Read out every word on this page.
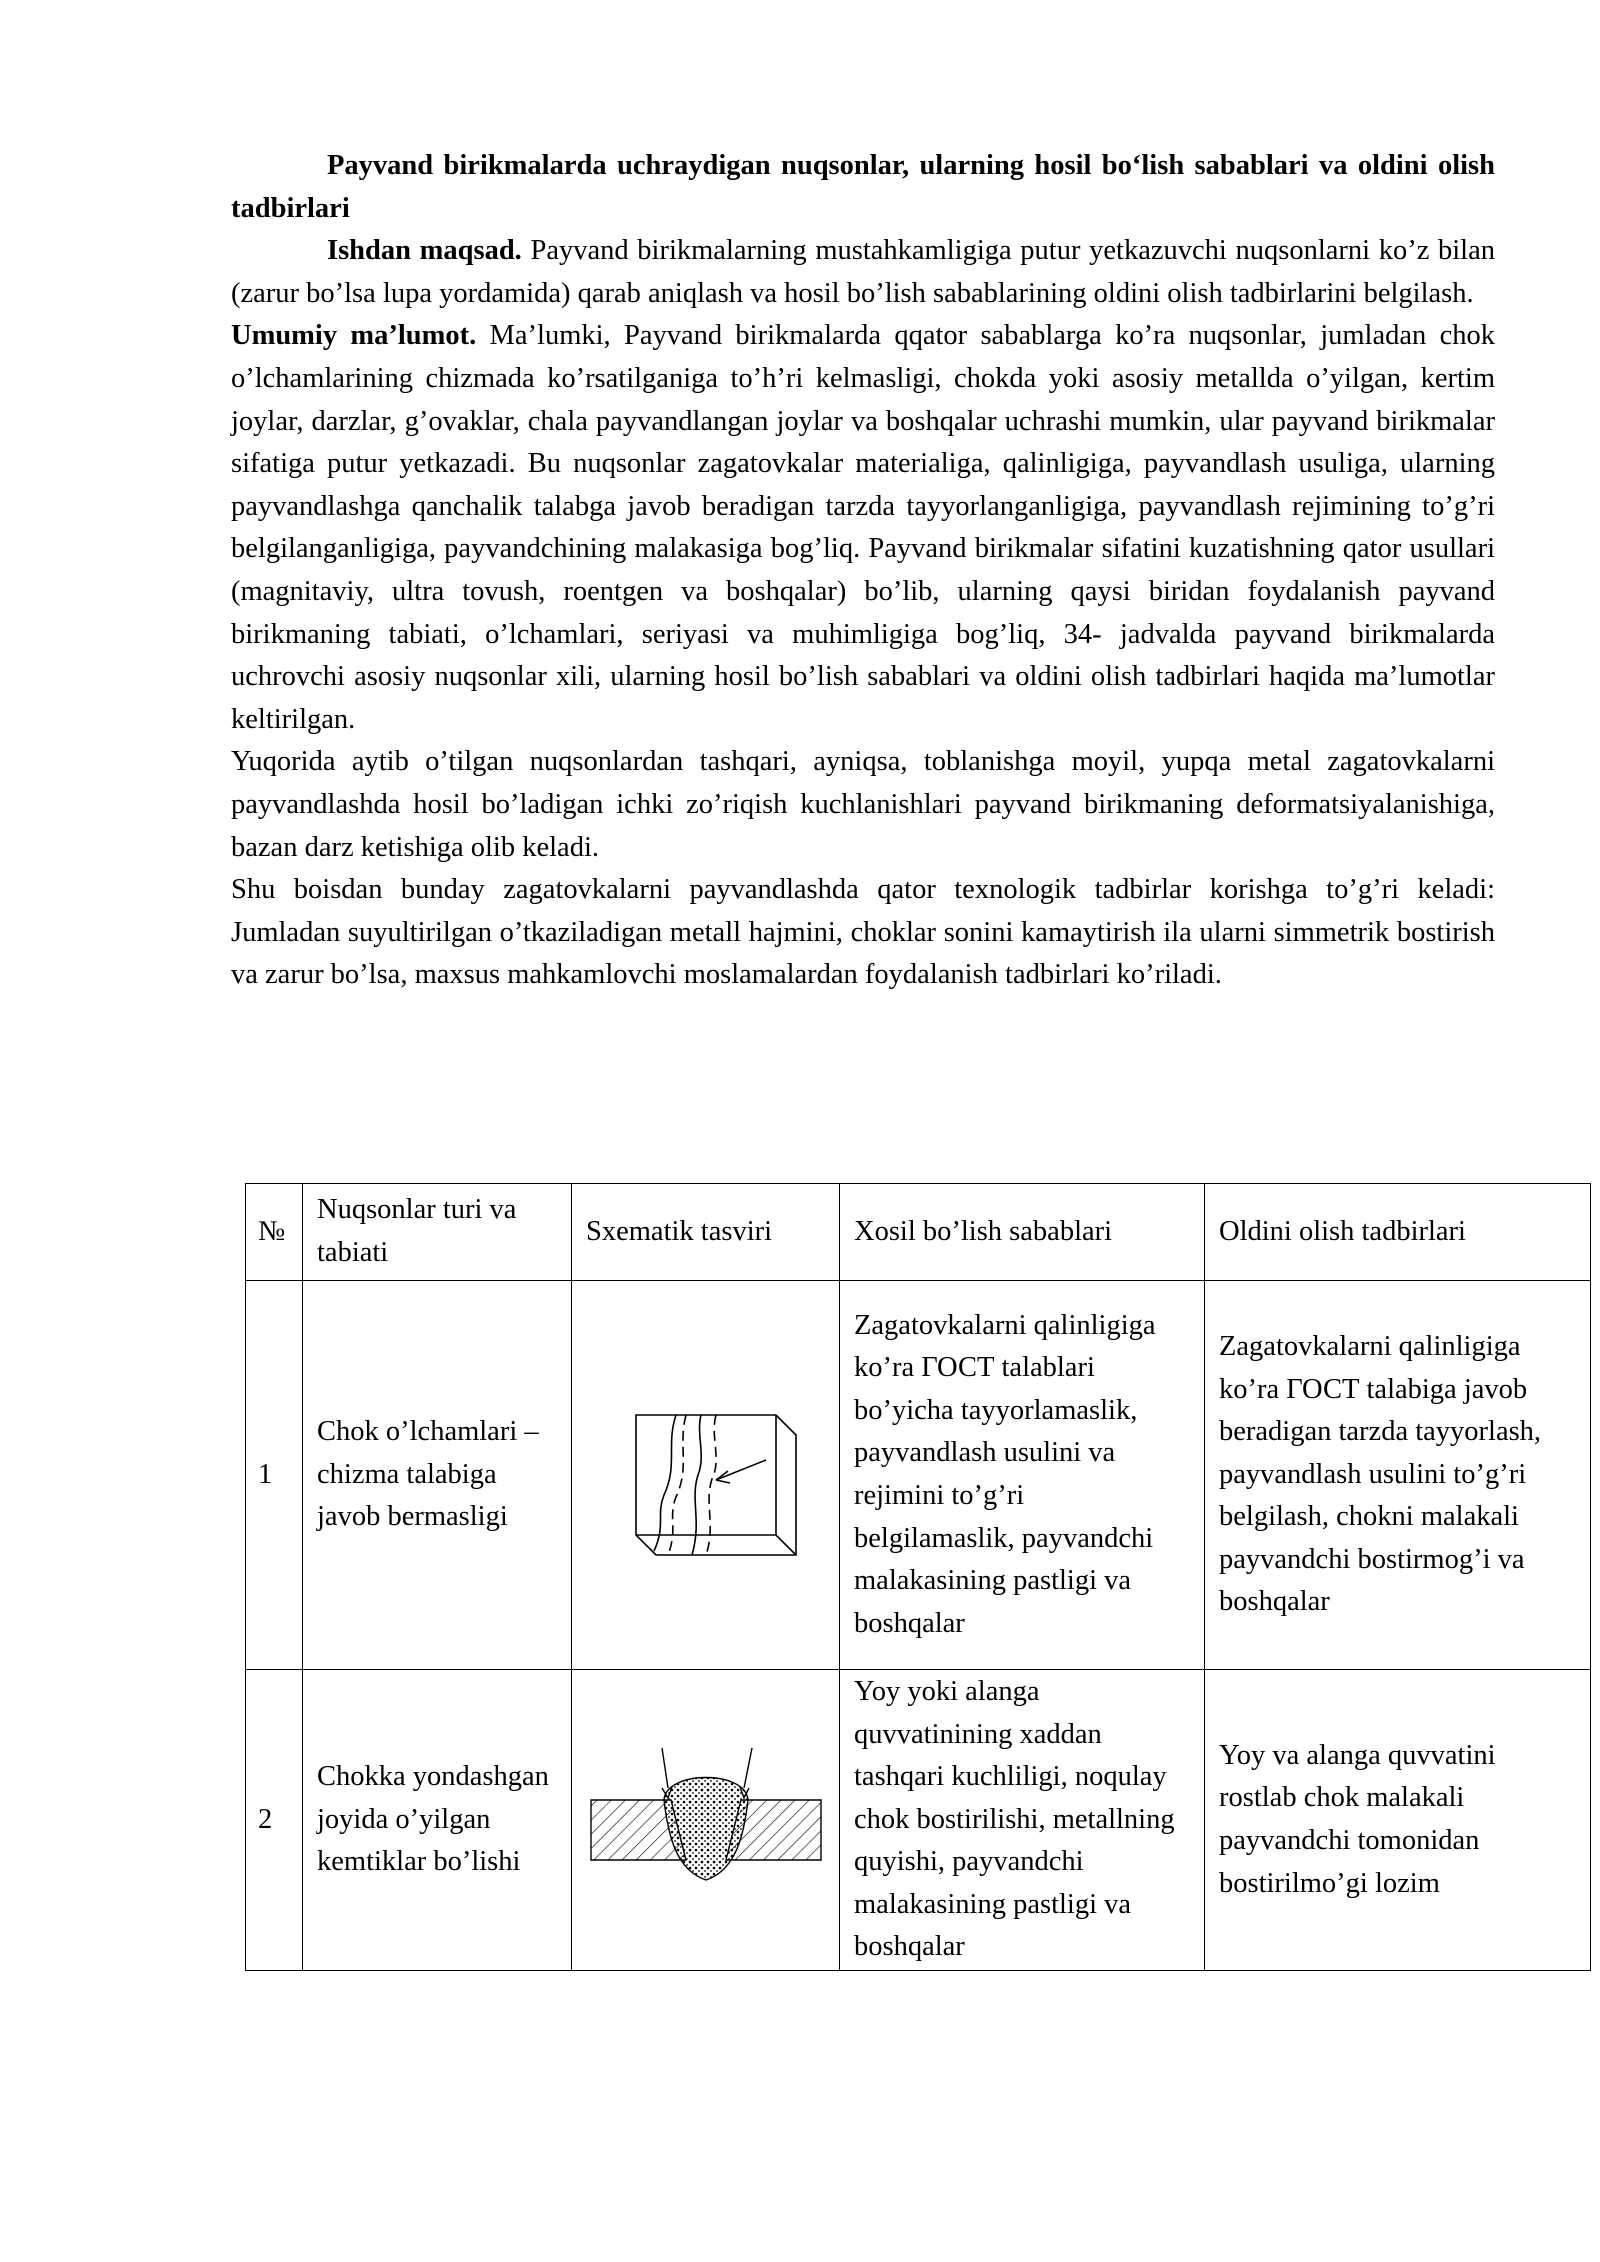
Payvand birikmalarda uchraydigan nuqsonlar, ularning hosil bo‘lish sabablari va oldini olish tadbirlari

Ishdan maqsad. Payvand birikmalarning mustahkamligiga putur yetkazuvchi nuqsonlarni ko’z bilan (zarur bo’lsa lupa yordamida) qarab aniqlash va hosil bo’lish sabablarining oldini olish tadbirlarini belgilash.

Umumiy ma’lumot. Ma’lumki, Payvand birikmalarda qqator sabablarga ko’ra nuqsonlar, jumladan chok o’lchamlarining chizmada ko’rsatilganiga to’h’ri kelmasligi, chokda yoki asosiy metallda o’yilgan, kertim joylar, darzlar, g’ovaklar, chala payvandlangan joylar va boshqalar uchrashi mumkin, ular payvand birikmalar sifatiga putur yetkazadi. Bu nuqsonlar zagatovkalar materialiga, qalinligiga, payvandlash usuliga, ularning payvandlashga qanchalik talabga javob beradigan tarzda tayyorlanganligiga, payvandlash rejimining to’g’ri belgilanganligiga, payvandchining malakasiga bog’liq. Payvand birikmalar sifatini kuzatishning qator usullari (magnitaviy, ultra tovush, roentgen va boshqalar) bo’lib, ularning qaysi biridan foydalanish payvand birikmaning tabiati, o’lchamlari, seriyasi va muhimligiga bog’liq, 34- jadvalda payvand birikmalarda uchrovchi asosiy nuqsonlar xili, ularning hosil bo’lish sabablari va oldini olish tadbirlari haqida ma’lumotlar keltirilgan.

Yuqorida aytib o’tilgan nuqsonlardan tashqari, ayniqsa, toblanishga moyil, yupqa metal zagatovkalarni payvandlashda hosil bo’ladigan ichki zo’riqish kuchlanishlari payvand birikmaning deformatsiyalanishiga, bazan darz ketishiga olib keladi.

Shu boisdan bunday zagatovkalarni payvandlashda qator texnologik tadbirlar korishga to’g’ri keladi: Jumladan suyultirilgan o’tkaziladigan metall hajmini, choklar sonini kamaytirish ila ularni simmetrik bostirish va zarur bo’lsa, maxsus mahkamlovchi moslamalardan foydalanish tadbirlari ko’riladi.

№	Nuqsonlar turi va tabiati	Sxematik tasviri	Xosil bo’lish sabablari	Oldini olish tadbirlari
1	Chok o’lchamlari – chizma talabiga javob bermasligi		Zagatovkalarni qalinligiga ko’ra ГОСТ talablari bo’yicha tayyorlamaslik, payvandlash usulini va rejimini to’g’ri belgilamaslik, payvandchi malakasining pastligi va boshqalar	Zagatovkalarni qalinligiga ko’ra ГОСТ talabiga javob beradigan tarzda tayyorlash, payvandlash usulini to’g’ri belgilash, chokni malakali payvandchi bostirmog’i va boshqalar
2	Chokka yondashgan joyida o’yilgan kemtiklar bo’lishi		Yoy yoki alanga quvvatinining xaddan tashqari kuchliligi, noqulay chok bostirilishi, metallning quyishi, payvandchi malakasining pastligi va boshqalar	Yoy va alanga quvvatini rostlab chok malakali payvandchi tomonidan bostirilmo’gi lozim
